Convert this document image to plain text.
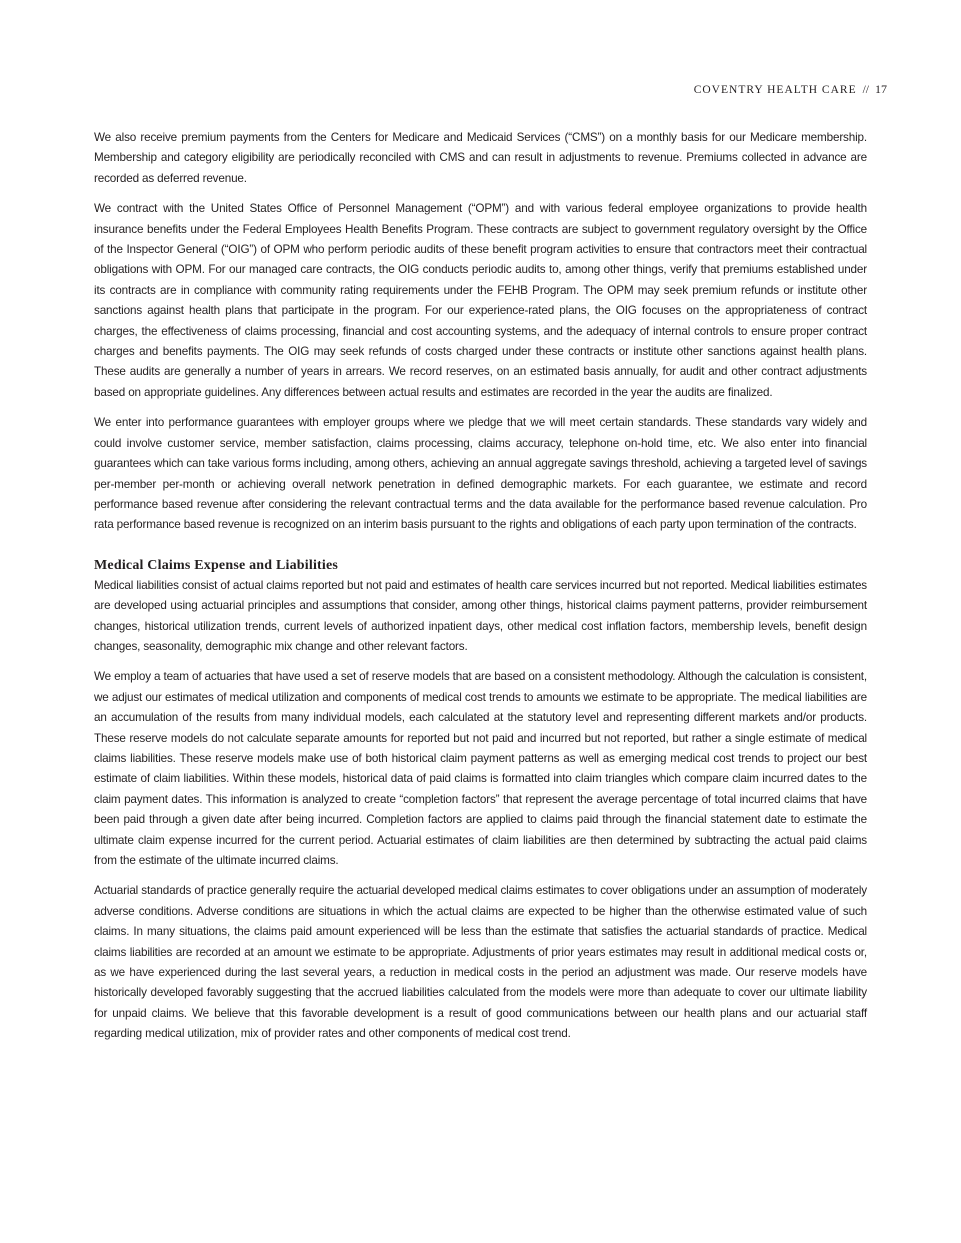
COVENTRY HEALTH CARE // 17

We also receive premium payments from the Centers for Medicare and Medicaid Services (“CMS”) on a monthly basis for our Medicare membership. Membership and category eligibility are periodically reconciled with CMS and can result in adjustments to revenue. Premiums collected in advance are recorded as deferred revenue.

We contract with the United States Office of Personnel Management (“OPM”) and with various federal employee organizations to provide health insurance benefits under the Federal Employees Health Benefits Program. These contracts are subject to government regulatory oversight by the Office of the Inspector General (“OIG”) of OPM who perform periodic audits of these benefit program activities to ensure that contractors meet their contractual obligations with OPM. For our managed care contracts, the OIG conducts periodic audits to, among other things, verify that premiums established under its contracts are in compliance with community rating requirements under the FEHB Program. The OPM may seek premium refunds or institute other sanctions against health plans that participate in the program. For our experience-rated plans, the OIG focuses on the appropriateness of contract charges, the effectiveness of claims processing, financial and cost accounting systems, and the adequacy of internal controls to ensure proper contract charges and benefits payments. The OIG may seek refunds of costs charged under these contracts or institute other sanctions against health plans. These audits are generally a number of years in arrears. We record reserves, on an estimated basis annually, for audit and other contract adjustments based on appropriate guidelines. Any differences between actual results and estimates are recorded in the year the audits are finalized.

We enter into performance guarantees with employer groups where we pledge that we will meet certain standards. These standards vary widely and could involve customer service, member satisfaction, claims processing, claims accuracy, telephone on-hold time, etc. We also enter into financial guarantees which can take various forms including, among others, achieving an annual aggregate savings threshold, achieving a targeted level of savings per-member per-month or achieving overall network penetration in defined demographic markets. For each guarantee, we estimate and record performance based revenue after considering the relevant contractual terms and the data available for the performance based revenue calculation. Pro rata performance based revenue is recognized on an interim basis pursuant to the rights and obligations of each party upon termination of the contracts.

Medical Claims Expense and Liabilities

Medical liabilities consist of actual claims reported but not paid and estimates of health care services incurred but not reported. Medical liabilities estimates are developed using actuarial principles and assumptions that consider, among other things, historical claims payment patterns, provider reimbursement changes, historical utilization trends, current levels of authorized inpatient days, other medical cost inflation factors, membership levels, benefit design changes, seasonality, demographic mix change and other relevant factors.

We employ a team of actuaries that have used a set of reserve models that are based on a consistent methodology. Although the calculation is consistent, we adjust our estimates of medical utilization and components of medical cost trends to amounts we estimate to be appropriate. The medical liabilities are an accumulation of the results from many individual models, each calculated at the statutory level and representing different markets and/or products. These reserve models do not calculate separate amounts for reported but not paid and incurred but not reported, but rather a single estimate of medical claims liabilities. These reserve models make use of both historical claim payment patterns as well as emerging medical cost trends to project our best estimate of claim liabilities. Within these models, historical data of paid claims is formatted into claim triangles which compare claim incurred dates to the claim payment dates. This information is analyzed to create “completion factors” that represent the average percentage of total incurred claims that have been paid through a given date after being incurred. Completion factors are applied to claims paid through the financial statement date to estimate the ultimate claim expense incurred for the current period. Actuarial estimates of claim liabilities are then determined by subtracting the actual paid claims from the estimate of the ultimate incurred claims.

Actuarial standards of practice generally require the actuarial developed medical claims estimates to cover obligations under an assumption of moderately adverse conditions. Adverse conditions are situations in which the actual claims are expected to be higher than the otherwise estimated value of such claims. In many situations, the claims paid amount experienced will be less than the estimate that satisfies the actuarial standards of practice. Medical claims liabilities are recorded at an amount we estimate to be appropriate. Adjustments of prior years estimates may result in additional medical costs or, as we have experienced during the last several years, a reduction in medical costs in the period an adjustment was made. Our reserve models have historically developed favorably suggesting that the accrued liabilities calculated from the models were more than adequate to cover our ultimate liability for unpaid claims. We believe that this favorable development is a result of good communications between our health plans and our actuarial staff regarding medical utilization, mix of provider rates and other components of medical cost trend.
